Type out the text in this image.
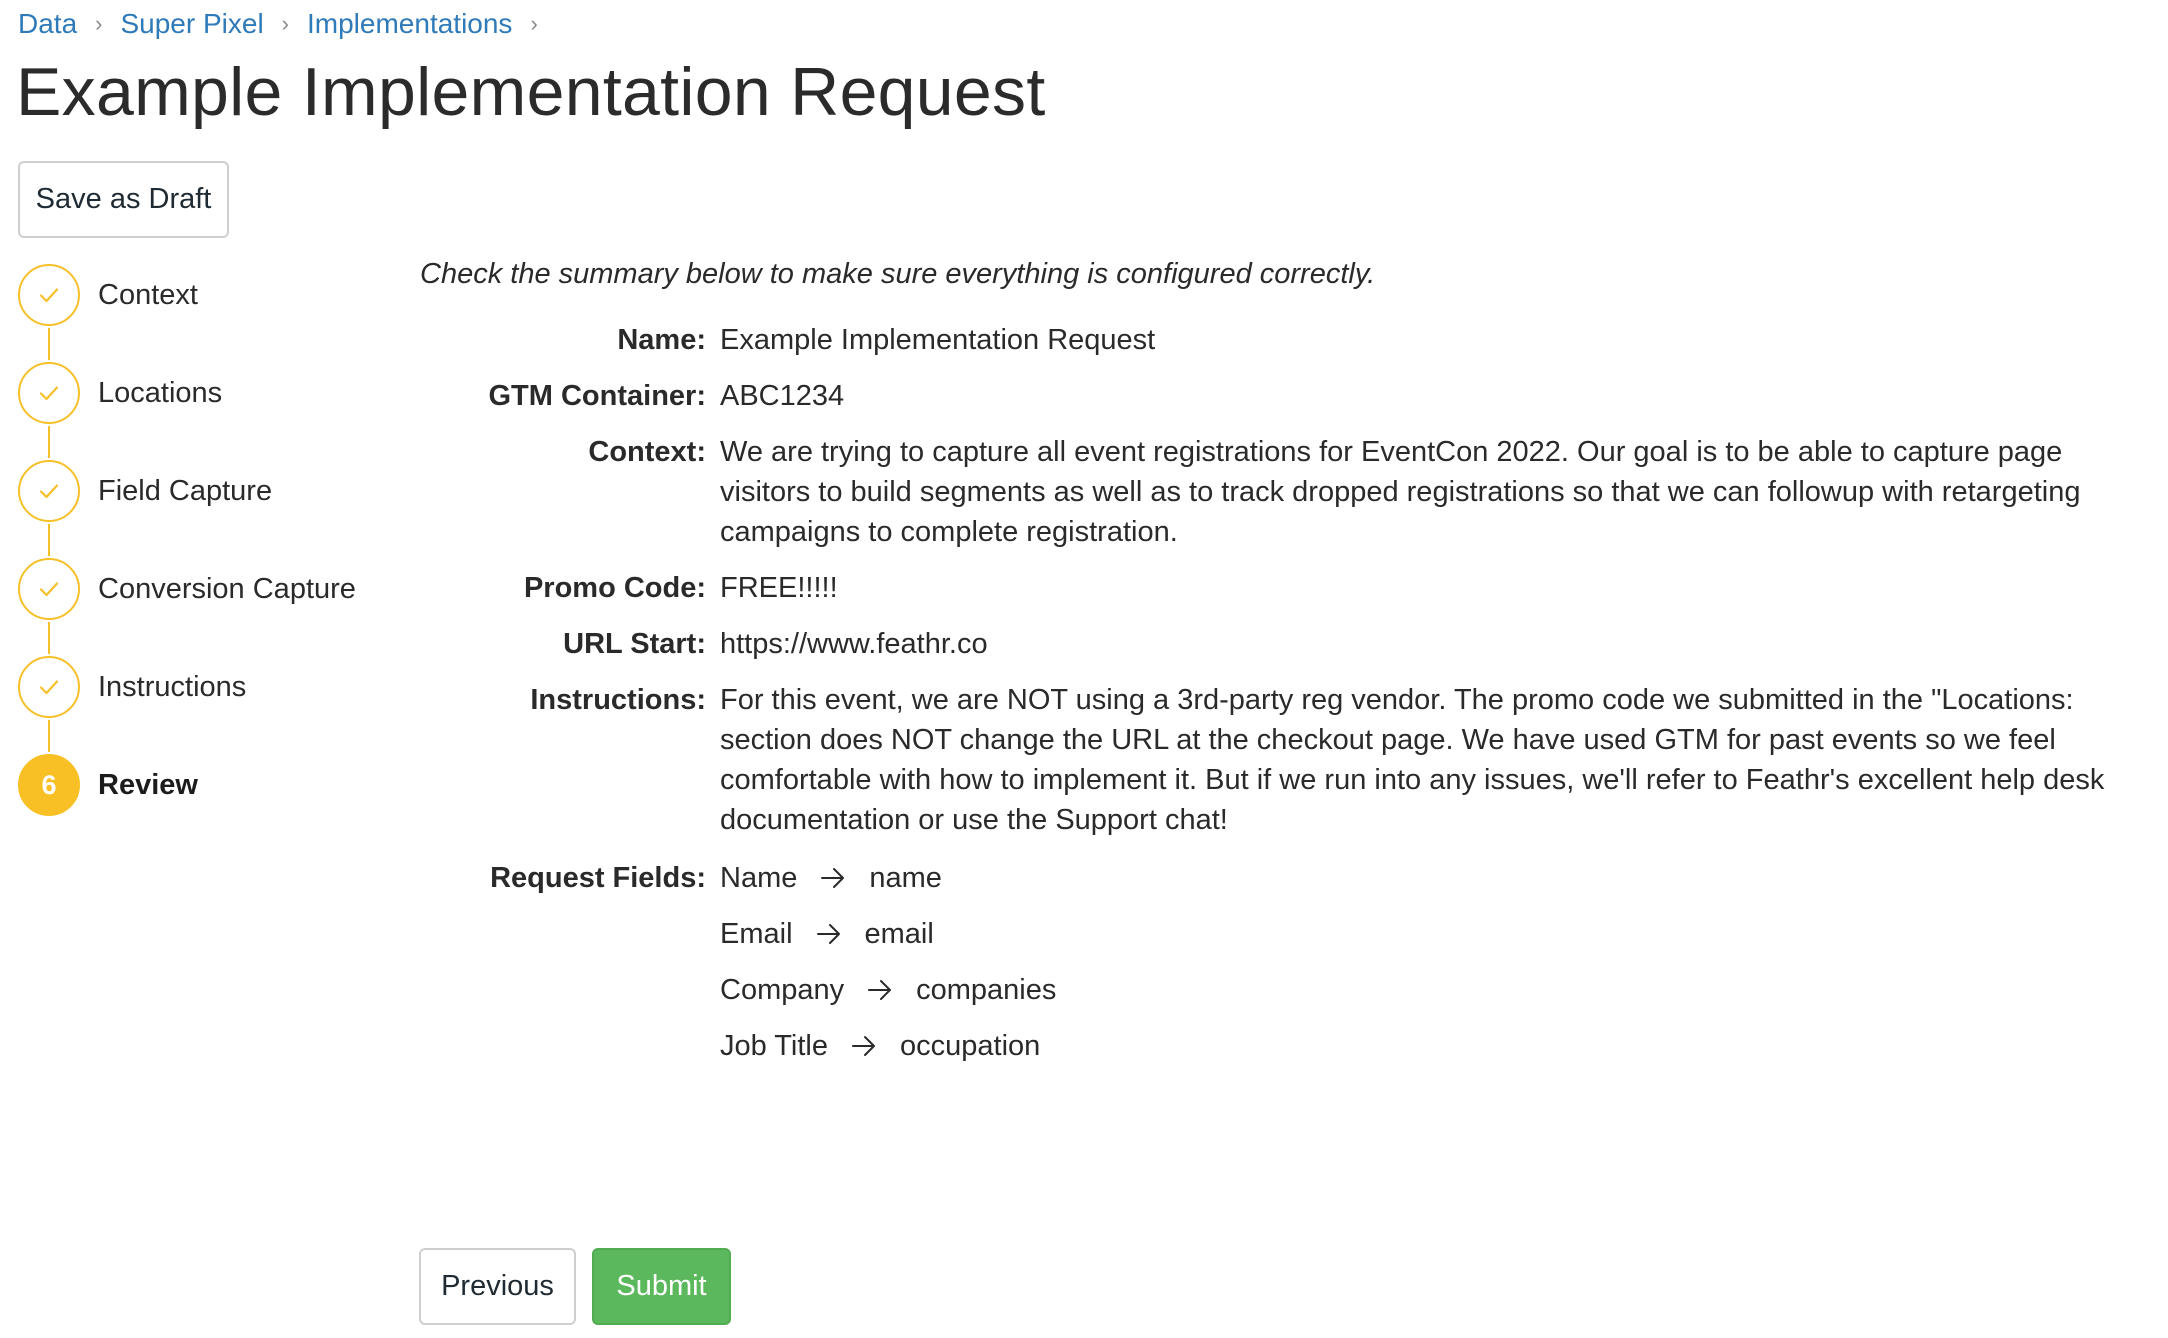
Data › Super Pixel › Implementations ›
Example Implementation Request
Save as Draft
Context
Locations
Field Capture
Conversion Capture
Instructions
6	Review

Check the summary below to make sure everything is configured correctly.

Name: Example Implementation Request
GTM Container: ABC1234
Context: We are trying to capture all event registrations for EventCon 2022. Our goal is to be able to capture page visitors to build segments as well as to track dropped registrations so that we can followup with retargeting campaigns to complete registration.
Promo Code: FREE!!!!!
URL Start: https://www.feathr.co
Instructions: For this event, we are NOT using a 3rd-party reg vendor. The promo code we submitted in the "Locations: section does NOT change the URL at the checkout page. We have used GTM for past events so we feel comfortable with how to implement it. But if we run into any issues, we'll refer to Feathr's excellent help desk documentation or use the Support chat!
Request Fields: Name name
Email email
Company companies
Job Title occupation
Previous	Submit
